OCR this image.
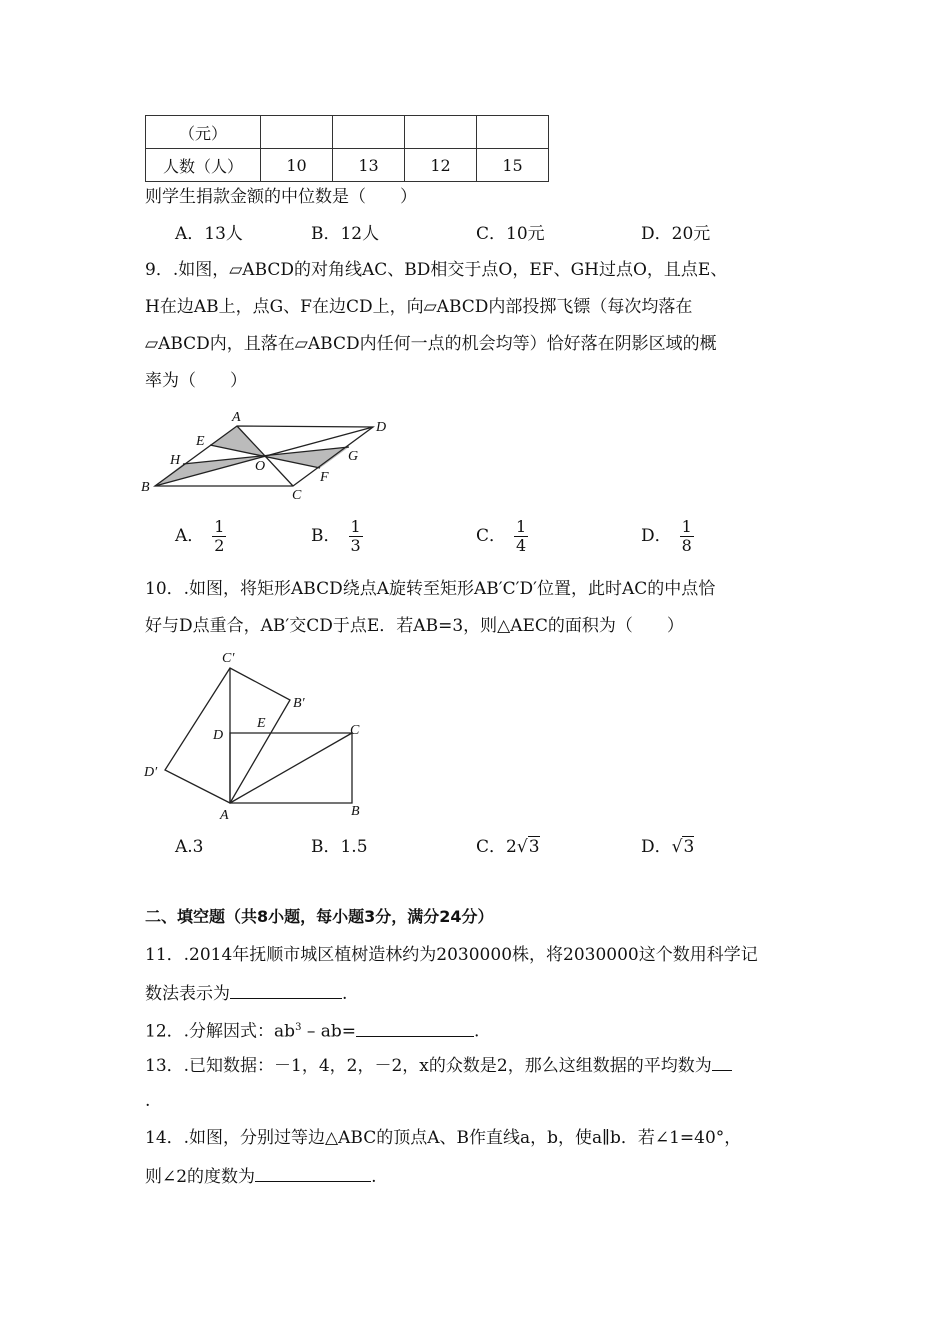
（元）				
人数（人）	10	13	12	15
则学生捐款金额的中位数是（　　）
A．13人	B．12人	C．10元	D．20元
9．.如图，▱ABCD的对角线AC、BD相交于点O，EF、GH过点O，且点E、
H在边AB上，点G、F在边CD上，向▱ABCD内部投掷飞镖（每次均落在
▱ABCD内，且落在▱ABCD内任何一点的机会均等）恰好落在阴影区域的概
率为（　　）
A
D
B
C
E
H	O
G
F
A． $\frac{1}{2}$	B． $\frac{1}{3}$	C． $\frac{1}{4}$	D． $\frac{1}{8}$
10．.如图，将矩形ABCD绕点A旋转至矩形AB′C′D′位置，此时AC的中点恰
好与D点重合，AB′交CD于点E．若AB=3，则△AEC的面积为（　　）
C′
B′
D′
D
E	C
A	B
A.3	B．1.5	C．2√3	D．√3
二、填空题（共8小题，每小题3分，满分24分）
11．.2014年抚顺市城区植树造林约为2030000株，将2030000这个数用科学记
数法表示为	.
12．.分解因式：$ab^3 - ab=$	.
13．.已知数据：－1，4，2，－2，x的众数是2，那么这组数据的平均数为
.
14．.如图，分别过等边△ABC的顶点A、B作直线a，b，使a∥b．若∠1=40°，
则∠2的度数为	.
